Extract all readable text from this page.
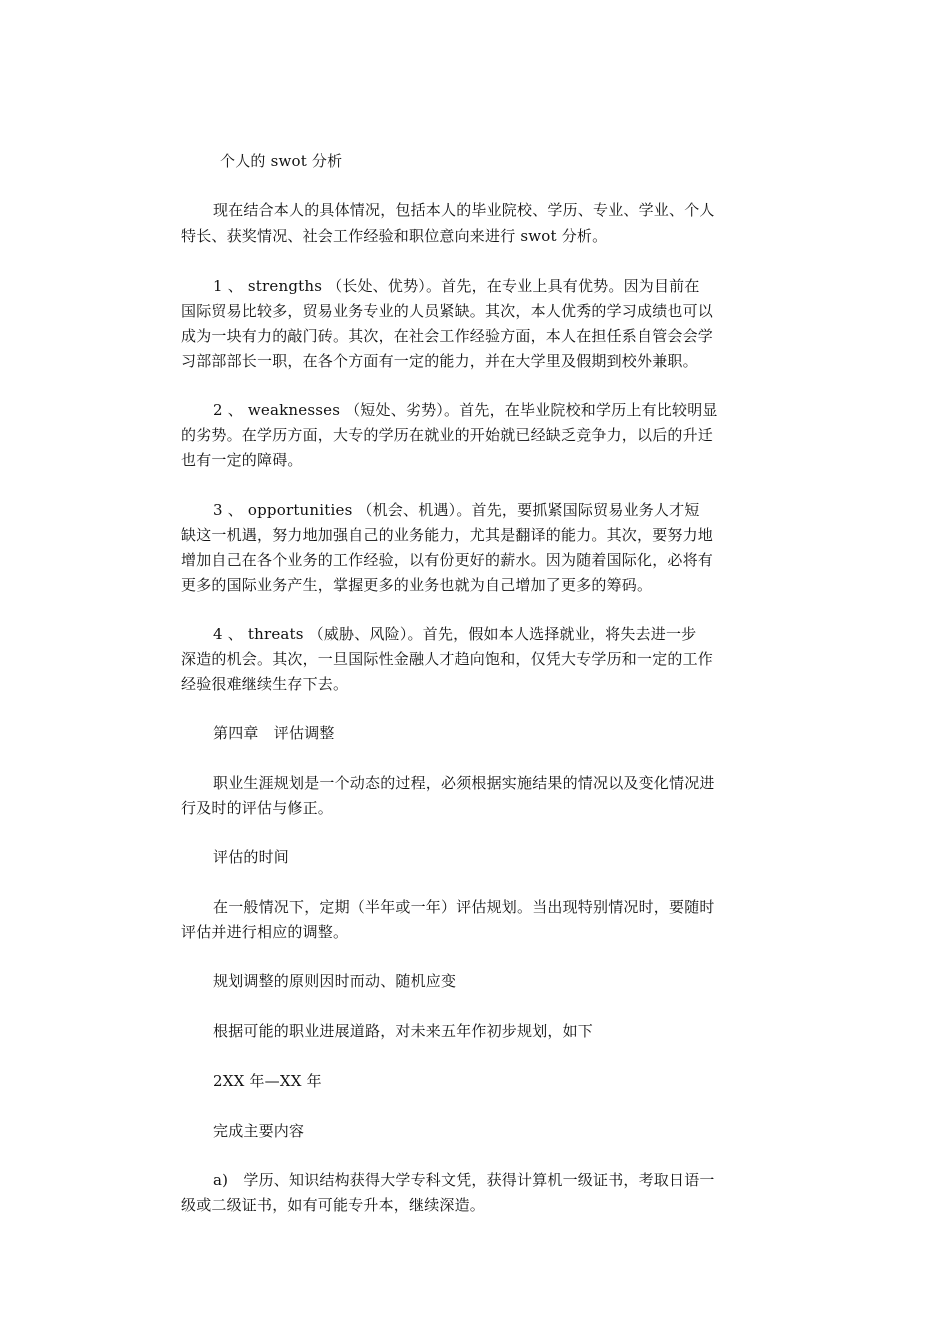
个人的 swot 分析
现在结合本人的具体情况，包括本人的毕业院校、学历、专业、学业、个人
特长、获奖情况、社会工作经验和职位意向来进行 swot 分析。
1 、 strengths （长处、优势）。首先，在专业上具有优势。因为目前在
国际贸易比较多，贸易业务专业的人员紧缺。其次，本人优秀的学习成绩也可以
成为一块有力的敲门砖。其次，在社会工作经验方面，本人在担任系自管会会学
习部部部长一职，在各个方面有一定的能力，并在大学里及假期到校外兼职。
2 、 weaknesses （短处、劣势）。首先，在毕业院校和学历上有比较明显
的劣势。在学历方面，大专的学历在就业的开始就已经缺乏竞争力，以后的升迁
也有一定的障碍。
3 、 opportunities （机会、机遇）。首先，要抓紧国际贸易业务人才短
缺这一机遇，努力地加强自己的业务能力，尤其是翻译的能力。其次，要努力地
增加自己在各个业务的工作经验，以有份更好的薪水。因为随着国际化，必将有
更多的国际业务产生，掌握更多的业务也就为自己增加了更多的筹码。
4 、 threats （威胁、风险）。首先，假如本人选择就业，将失去进一步
深造的机会。其次，一旦国际性金融人才趋向饱和，仅凭大专学历和一定的工作
经验很难继续生存下去。
第四章　评估调整
职业生涯规划是一个动态的过程，必须根据实施结果的情况以及变化情况进
行及时的评估与修正。
评估的时间
在一般情况下，定期（半年或一年）评估规划。当出现特别情况时，要随时
评估并进行相应的调整。
规划调整的原则因时而动、随机应变
根据可能的职业进展道路，对未来五年作初步规划，如下
2XX 年—XX 年
完成主要内容
a)　学历、知识结构获得大学专科文凭，获得计算机一级证书，考取日语一
级或二级证书，如有可能专升本，继续深造。
